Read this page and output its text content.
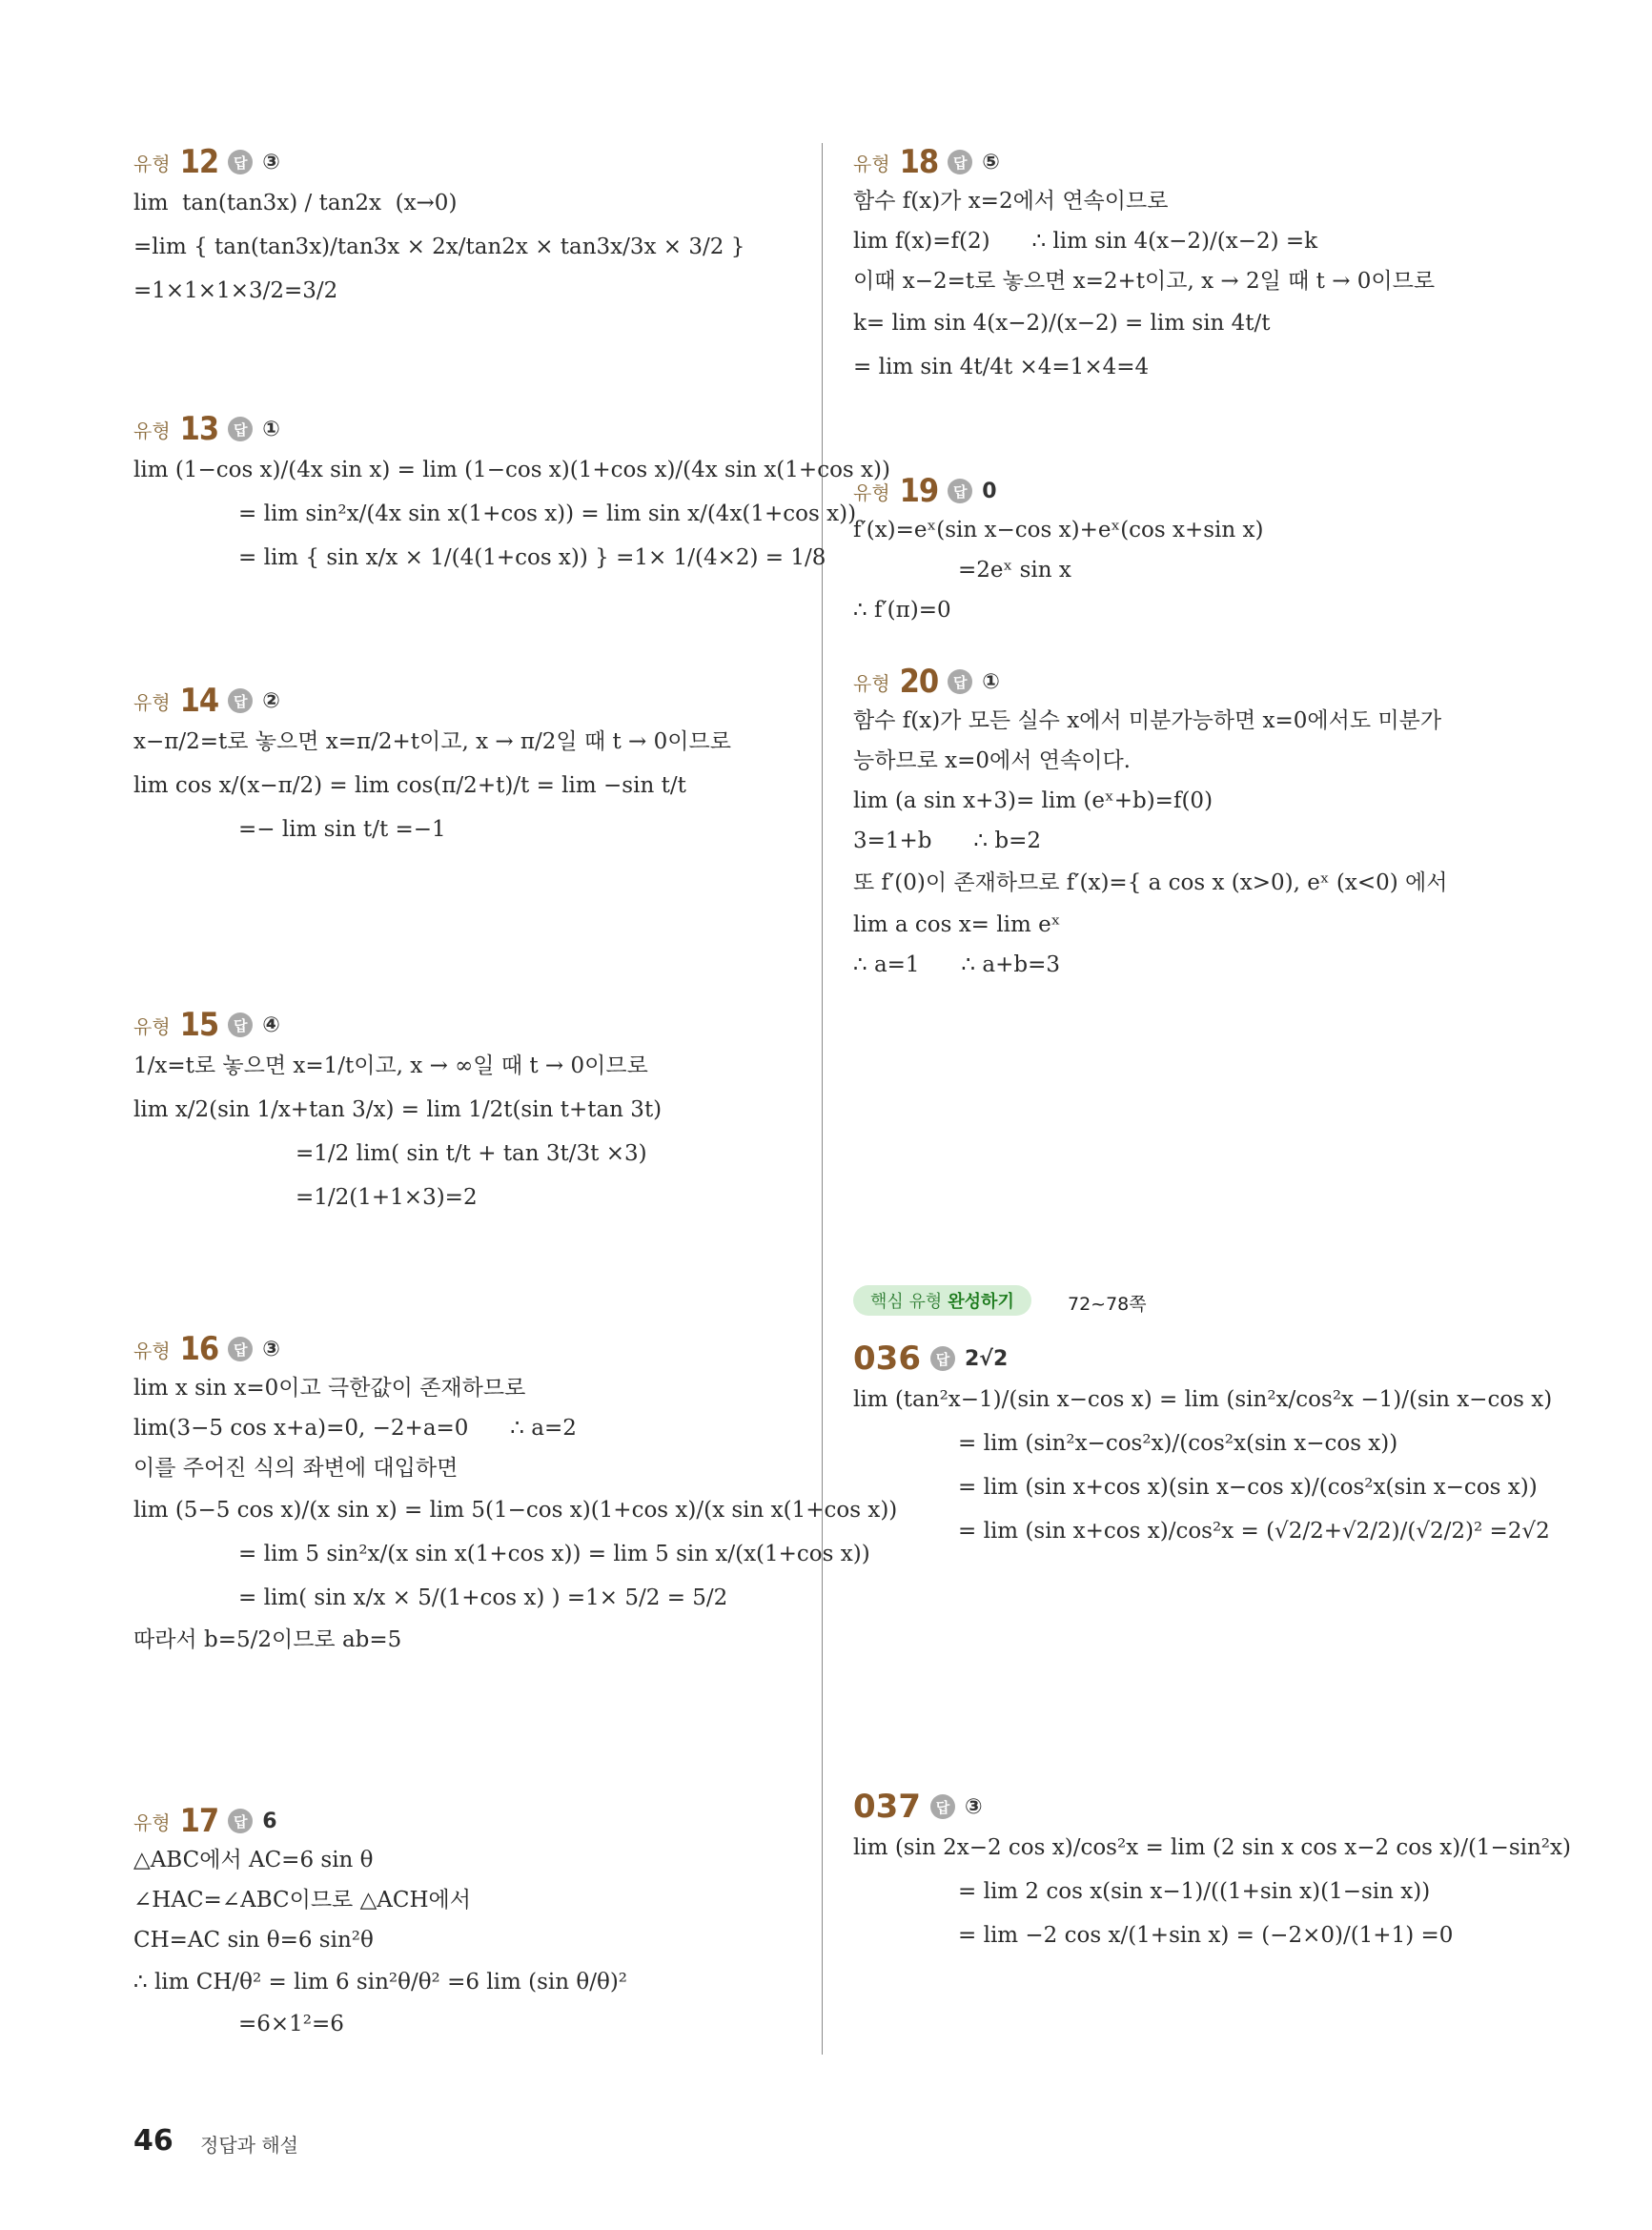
유형 12	답 ③
lim  tan(tan3x) / tan2x  (x→0)
=lim { tan(tan3x)/tan3x × 2x/tan2x × tan3x/3x × 3/2 }
=1×1×1×3/2=3/2
유형 13	답 ①
lim (1−cos x)/(4x sin x) = lim (1−cos x)(1+cos x)/(4x sin x(1+cos x))
= lim sin²x/(4x sin x(1+cos x)) = lim sin x/(4x(1+cos x))
= lim { sin x/x × 1/(4(1+cos x)) } =1× 1/(4×2) = 1/8
유형 14	답 ②
x−π/2=t로 놓으면 x=π/2+t이고, x → π/2일 때 t → 0이므로
lim cos x/(x−π/2) = lim cos(π/2+t)/t = lim −sin t/t
=− lim sin t/t =−1
유형 15	답 ④
1/x=t로 놓으면 x=1/t이고, x → ∞일 때 t → 0이므로
lim x/2(sin 1/x+tan 3/x) = lim 1/2t(sin t+tan 3t)
=1/2 lim( sin t/t + tan 3t/3t ×3)
=1/2(1+1×3)=2
유형 16	답 ③
lim x sin x=0이고 극한값이 존재하므로
lim(3−5 cos x+a)=0, −2+a=0      ∴ a=2
이를 주어진 식의 좌변에 대입하면
lim (5−5 cos x)/(x sin x) = lim 5(1−cos x)(1+cos x)/(x sin x(1+cos x))
= lim 5 sin²x/(x sin x(1+cos x)) = lim 5 sin x/(x(1+cos x))
= lim( sin x/x × 5/(1+cos x) ) =1× 5/2 = 5/2
따라서 b=5/2이므로 ab=5
유형 17	답 6
△ABC에서 AC=6 sin θ
∠HAC=∠ABC이므로 △ACH에서
CH=AC sin θ=6 sin²θ
∴ lim CH/θ² = lim 6 sin²θ/θ² =6 lim (sin θ/θ)²
=6×1²=6
유형 18	답 ⑤
함수 f(x)가 x=2에서 연속이므로
lim f(x)=f(2)      ∴ lim sin 4(x−2)/(x−2) =k
이때 x−2=t로 놓으면 x=2+t이고, x → 2일 때 t → 0이므로
k= lim sin 4(x−2)/(x−2) = lim sin 4t/t
= lim sin 4t/4t ×4=1×4=4
유형 19	답 0
f′(x)=eˣ(sin x−cos x)+eˣ(cos x+sin x)
=2eˣ sin x
∴ f′(π)=0
유형 20	답 ①
함수 f(x)가 모든 실수 x에서 미분가능하면 x=0에서도 미분가
능하므로 x=0에서 연속이다.
lim (a sin x+3)= lim (eˣ+b)=f(0)
3=1+b      ∴ b=2
또 f′(0)이 존재하므로 f′(x)={ a cos x (x>0), eˣ (x<0) 에서
lim a cos x= lim eˣ
∴ a=1      ∴ a+b=3
핵심 유형 완성하기	72~78쪽
036	답 2√2
lim (tan²x−1)/(sin x−cos x) = lim (sin²x/cos²x −1)/(sin x−cos x)
= lim (sin²x−cos²x)/(cos²x(sin x−cos x))
= lim (sin x+cos x)(sin x−cos x)/(cos²x(sin x−cos x))
= lim (sin x+cos x)/cos²x = (√2/2+√2/2)/(√2/2)² =2√2
037	답 ③
lim (sin 2x−2 cos x)/cos²x = lim (2 sin x cos x−2 cos x)/(1−sin²x)
= lim 2 cos x(sin x−1)/((1+sin x)(1−sin x))
= lim −2 cos x/(1+sin x) = (−2×0)/(1+1) =0
46 정답과 해설
